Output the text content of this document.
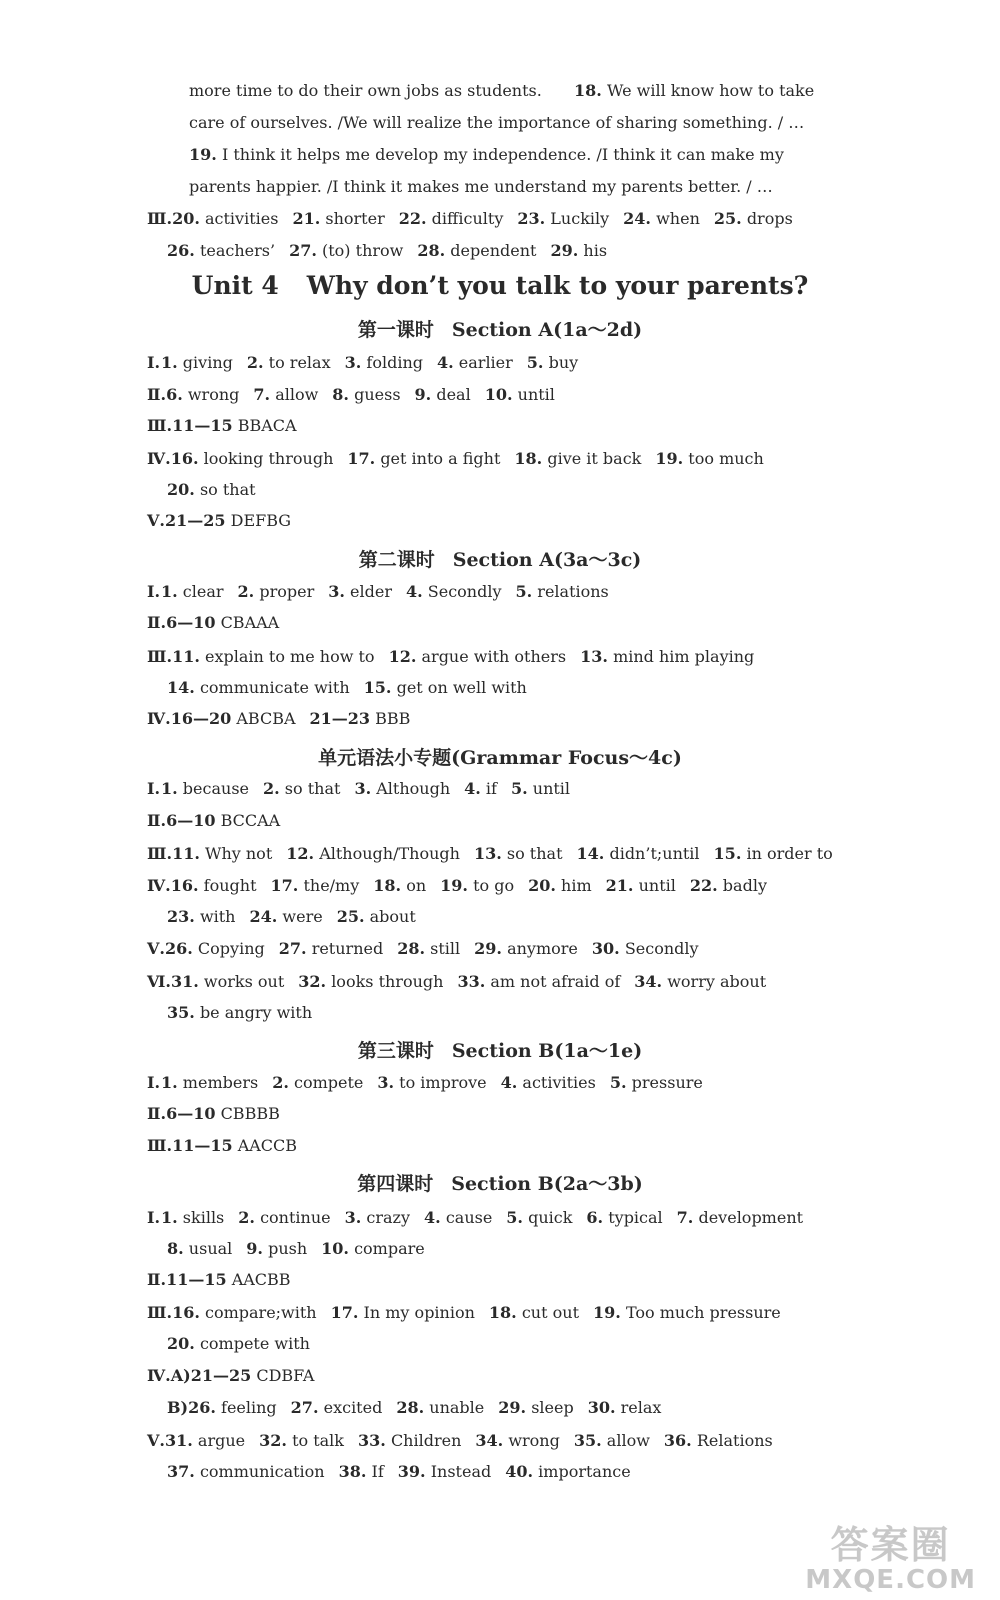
more time to do their own jobs as students. 18. We will know how to take
care of ourselves. /We will realize the importance of sharing something. / …
19. I think it helps me develop my independence. /I think it can make my
parents happier. /I think it makes me understand my parents better. / …
Ⅲ.20. activities 21. shorter 22. difficulty 23. Luckily 24. when 25. drops
26. teachers’ 27. (to) throw 28. dependent 29. his
Unit 4 Why don’t you talk to your parents?
第一课时 Section A(1a～2d)
Ⅰ.1. giving 2. to relax 3. folding 4. earlier 5. buy
Ⅱ.6. wrong 7. allow 8. guess 9. deal 10. until
Ⅲ.11—15 BBACA
Ⅳ.16. looking through 17. get into a fight 18. give it back 19. too much
20. so that
Ⅴ.21—25 DEFBG
第二课时 Section A(3a～3c)
Ⅰ.1. clear 2. proper 3. elder 4. Secondly 5. relations
Ⅱ.6—10 CBAAA
Ⅲ.11. explain to me how to 12. argue with others 13. mind him playing
14. communicate with 15. get on well with
Ⅳ.16—20 ABCBA 21—23 BBB
单元语法小专题(Grammar Focus～4c)
Ⅰ.1. because 2. so that 3. Although 4. if 5. until
Ⅱ.6—10 BCCAA
Ⅲ.11. Why not 12. Although/Though 13. so that 14. didn’t;until 15. in order to
Ⅳ.16. fought 17. the/my 18. on 19. to go 20. him 21. until 22. badly
23. with 24. were 25. about
Ⅴ.26. Copying 27. returned 28. still 29. anymore 30. Secondly
Ⅵ.31. works out 32. looks through 33. am not afraid of 34. worry about
35. be angry with
第三课时 Section B(1a～1e)
Ⅰ.1. members 2. compete 3. to improve 4. activities 5. pressure
Ⅱ.6—10 CBBBB
Ⅲ.11—15 AACCB
第四课时 Section B(2a～3b)
Ⅰ.1. skills 2. continue 3. crazy 4. cause 5. quick 6. typical 7. development
8. usual 9. push 10. compare
Ⅱ.11—15 AACBB
Ⅲ.16. compare;with 17. In my opinion 18. cut out 19. Too much pressure
20. compete with
Ⅳ.A)21—25 CDBFA
B)26. feeling 27. excited 28. unable 29. sleep 30. relax
Ⅴ.31. argue 32. to talk 33. Children 34. wrong 35. allow 36. Relations
37. communication 38. If 39. Instead 40. importance
答案圈
MXQE.COM
